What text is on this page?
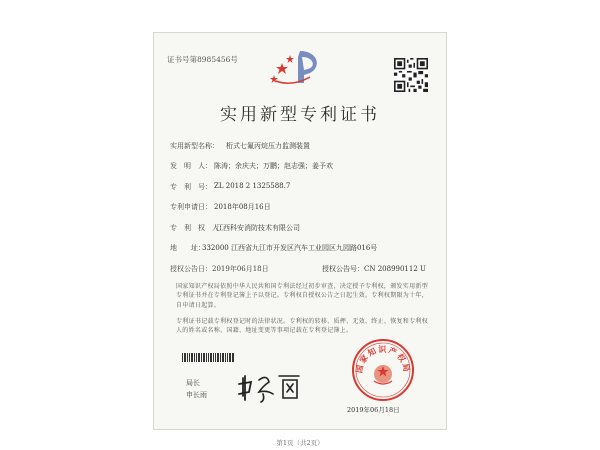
证书号第8985456号
实用新型专利证书
实用新型名称： 桁式七氟丙烷压力监测装置
发　明　人： 陈涛；余庆夫；万鹏；赵志强；姜予欢
专　利　号： ZL 2018 2 1325588.7
专利申请日： 2018年08月16日
专　利　权　人：
江西科安消防技术有限公司
地　　址：
332000 江西省九江市开发区汽车工业园区九园路016号
授权公告日：2019年06月18日	授权公告号：CN 208990112 U
国家知识产权局依照中华人民共和国专利法经过初步审查，决定授予专利权，颁发实用新型专利证书并在专利登记簿上予以登记。专利权自授权公告之日起生效。专利权期限为十年，自申请日起算。
专利证书记载专利权登记时的法律状况。专利权的转移、质押、无效、终止、恢复和专利权人的姓名或名称、国籍、地址变更等事项记载在专利登记簿上。
局长
申长雨
国家知识产权局
2019年06月18日
第1页（共2页）
